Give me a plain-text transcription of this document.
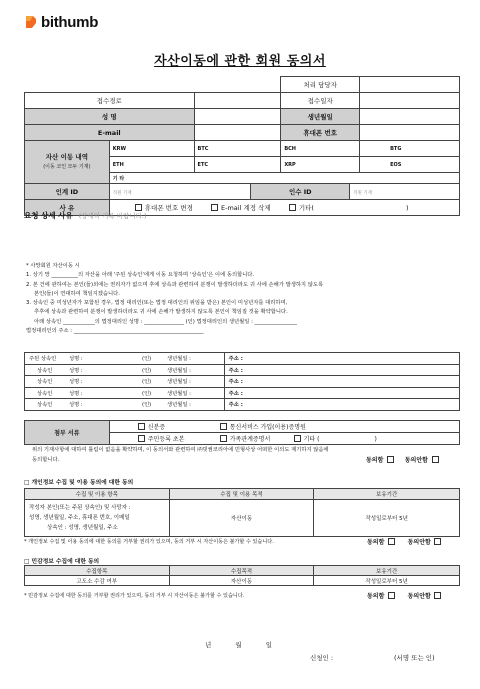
bithumb
자산이동에 관한 회원 동의서
				처리 담당자		
접수경로				접수일자		
성 명				생년월일		
E-mail				휴대폰 번호		

자산 이동 내역
(이동 코인 모두 기재)	KRW	BTC		BCH		BTG
	ETH	ETC		XRP		EOS
	기 타					
인계 ID	직원 기재		인수 ID		직원 기재	
사 유	휴대폰 번호 변경 E-mail 계정 삭제 기타( )					
요청 상세 사유 (상세히 기록 바랍니다.)

* 사망회원 자산이동 시

1. 상기 망 __________의 자산을 아래 '주된 상속인'에게 이동 요청하며 '상속인'은 이에 동의합니다.

2. 본 건에 관하여는 본인(들)외에는 권리자가 없으며 후에 상속과 관련하여 분쟁이 발생하더라도 귀 사에 손해가 발생하지 않도록

본인(들)이 연대하여 책임지겠습니다.

3. 상속인 중 미성년자가 포함된 경우, 법정 대리인(또는 법정 대리인의 위임을 받은) 본인이 미성년자를 대리하며,

추후에 상속과 관련하여 분쟁이 발생하더라도 귀 사에 손해가 발생하지 않도록 본인이 책임질 것을 확약합니다.

아래 상속인 ____________의 법정대리인 성명 : _______________ (인) 법정대리인의 생년월일 : ________________

법정대리인의 주소 : _________________________________________________

주된 상속인 성명 : (인) 생년월일 :	주소 :
상속인 성명 : (인) 생년월일 :	주소 :
상속인 성명 : (인) 생년월일 :	주소 :
상속인 성명 : (인) 생년월일 :	주소 :
상속인 성명 : (인) 생년월일 :	주소 :
첨부 서류	신분증	통신서비스 가입(이용)증명원
주민등록 초본	가족관계증명서	기타 (	)
위의 기재사항에 대하여 틀림이 없음을 확약하며, 이 동의서와 관련하여 ㈜빗썸코리아에 민형사상 어떠한 이의도 제기하지 않음에
동의합니다.	동의함	동의안함
□ 개인정보 수집 및 이용 동의에 대한 동의
수집 및 이용 항목	수집 및 이용 목적	보유기간

작성자 본인(또는 주된 상속인) 및 사망자 :
성명, 생년월일, 주소, 휴대폰 번호, 이메일
상속인 : 성명, 생년월일, 주소	자산이동	작성일로부터 5년
* 개인정보 수집 및 이용 동의에 대한 동의를 거부할 권리가 있으며, 동의 거부 시 자산이동은 불가할 수 있습니다.	동의함	동의안함
□ 민감정보 수집에 대한 동의
수집항목	수집목적	보유기간
고도소 수감 여부	자산이동	작성일로부터 5년
* 민감정보 수집에 대한 동의를 거부할 권리가 있으며, 동의 거부 시 자산이동은 불가할 수 있습니다.	동의함	동의안함
년	월	일
신청인 :	(서명 또는 인)
